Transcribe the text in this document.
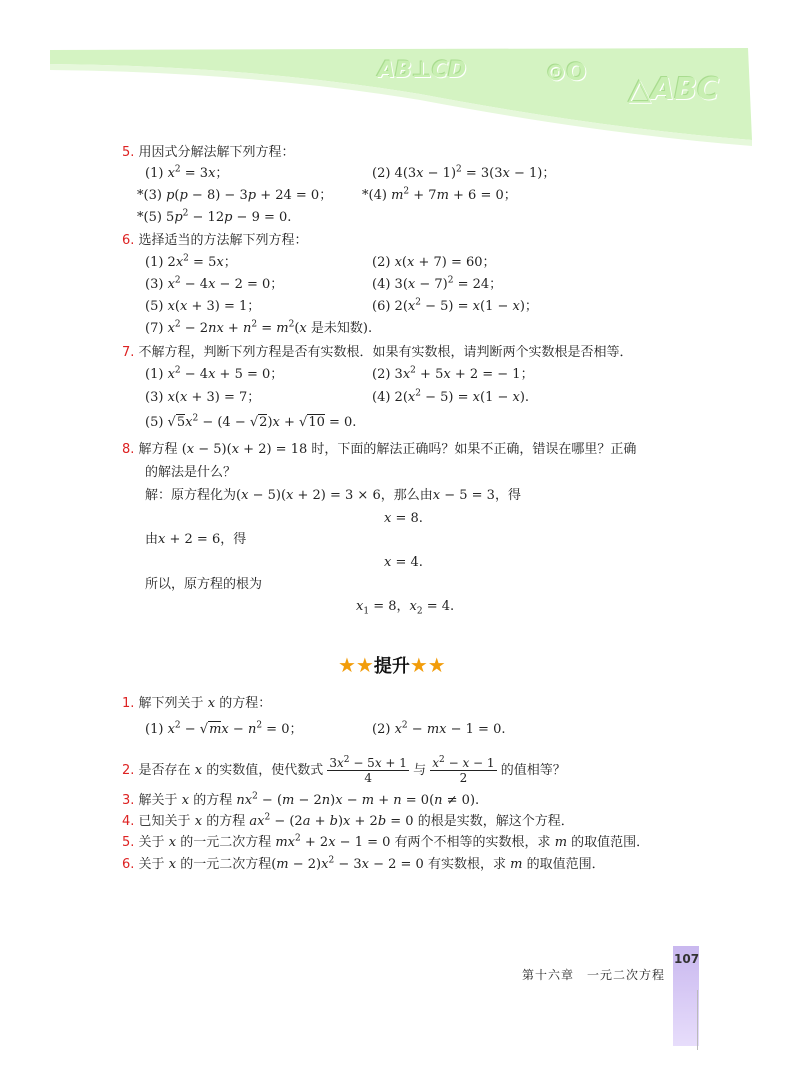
AB⊥CD	⊙O △ABC
5. 用因式分解法解下列方程：
(1) $x^2 = 3x$；	(2) $4(3x - 1)^2 = 3(3x - 1)$；
*(3) p(p − 8) − 3p + 24 = 0； *(4) $m^2 + 7m + 6 = 0$；
*(5) $5p^2 - 12p - 9 = 0$.
6. 选择适当的方法解下列方程：
(1) $2x^2 = 5x$；	(2) x(x + 7) = 60；
(3) $x^2 - 4x - 2 = 0$；	(4) $3(x - 7)^2 = 24$；
(5) x(x + 3) = 1；	(6) $2(x^2 - 5) = x(1 - x)$；
(7) $x^2 - 2nx + n^2 = m^2(x$ 是未知数).
7. 不解方程，判断下列方程是否有实数根．如果有实数根，请判断两个实数根是否相等．
(1) $x^2 - 4x + 5 = 0$；	(2) $3x^2 + 5x + 2$ = − 1；
(3) x(x + 3) = 7；	(4) $2(x^2 - 5) = x(1 - x)$.
(5) $√5x^2 - (4 - √2)x + √10 = 0$.
8. 解方程 (x − 5)(x + 2) = 18 时，下面的解法正确吗？如果不正确，错误在哪里？正确
的解法是什么？
解：原方程化为(x − 5)(x + 2) = 3 × 6，那么由x − 5 = 3，得
x = 8.
由x + 2 = 6，得
x = 4.
所以，原方程的根为
$x_1 = 8$，$x_2 = 4$.
★★提升★★
1. 解下列关于 x 的方程：
(1) $x^2 - √mx - n^2 = 0$；	(2) $x^2$ − mx − 1 = 0.
2. 是否存在 x 的实数值，使代数式 $\frac{3x^2 - 5x + 1}{4}$ 与 $\frac{x^2 - x - 1}{2}$ 的值相等？
3. 解关于 x 的方程 $nx^2 - (m - 2n)x - m + n = 0(n \ne 0)$.
4. 已知关于 x 的方程 $ax^2 - (2a + b)x + 2b = 0$ 的根是实数，解这个方程．
5. 关于 x 的一元二次方程 $mx^2 + 2x - 1 = 0$ 有两个不相等的实数根，求 m 的取值范围．
6. 关于 x 的一元二次方程$(m - 2)x^2 - 3x - 2 = 0$ 有实数根，求 m 的取值范围．
第十六章　一元二次方程
107
